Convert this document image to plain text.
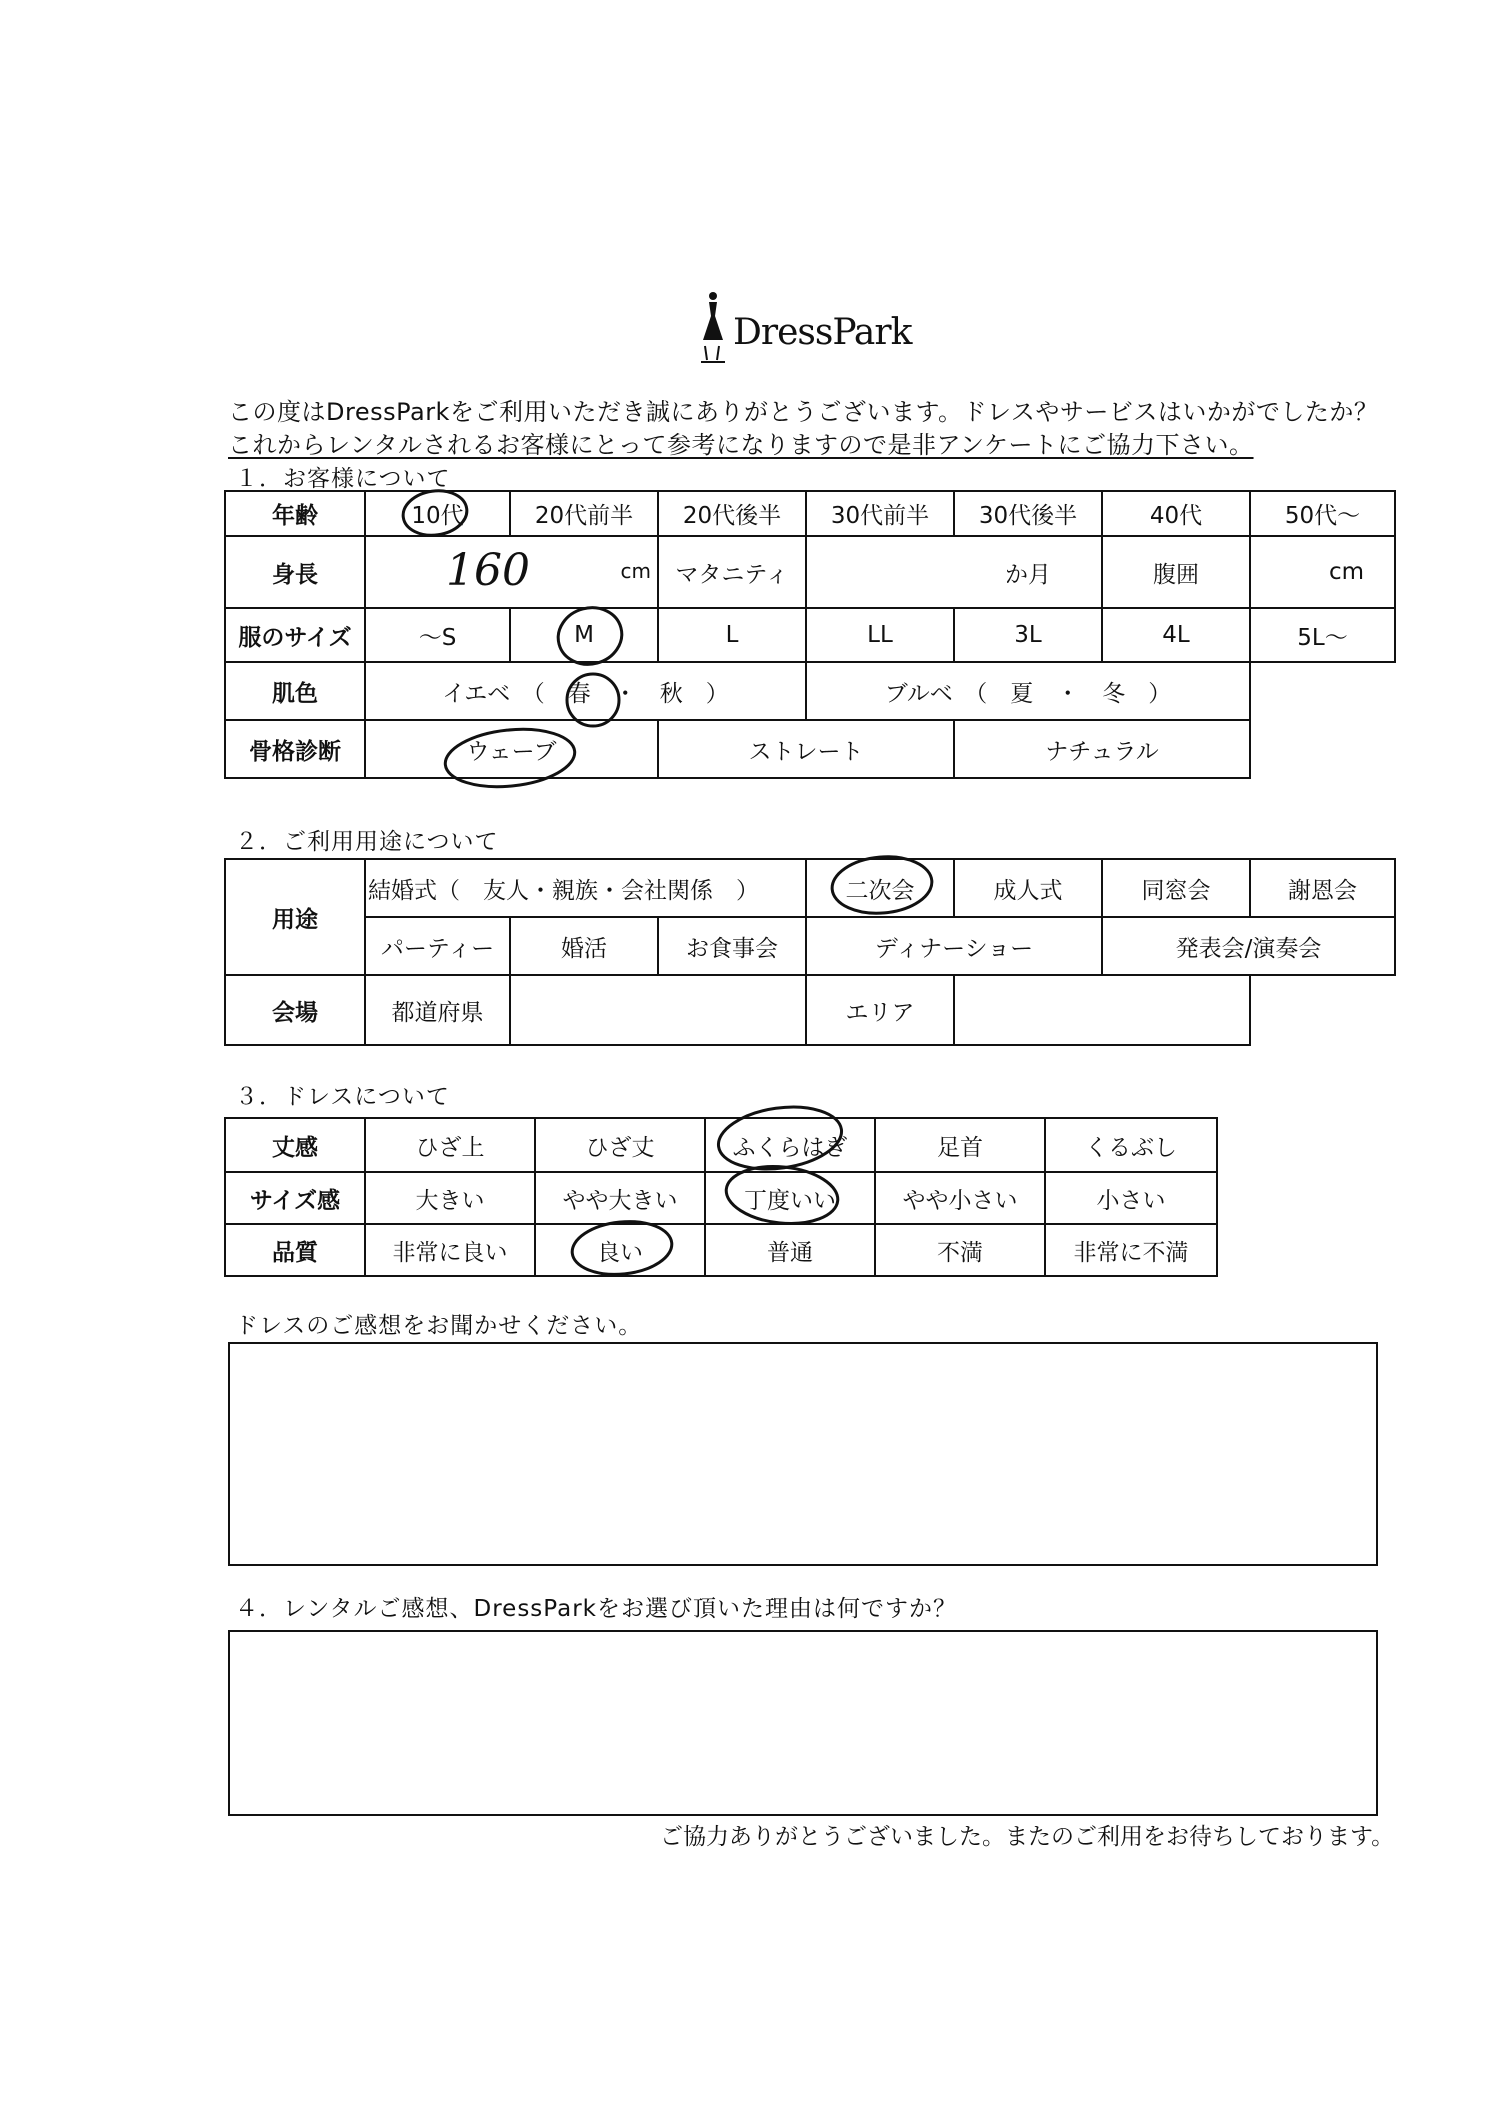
DressPark
この度はDressParkをご利用いただき誠にありがとうございます。ドレスやサービスはいかがでしたか？
これからレンタルされるお客様にとって参考になりますので是非アンケートにご協力下さい。
１．お客様について
年齢	10代	20代前半	20代後半	30代前半	30代後半	40代	50代～
身長	160 cm		マタニティ	か月		腹囲	cm
服のサイズ	～S	M	L	LL	3L	4L	5L～
肌色	イエベ　（　春　・　秋　）			ブルベ　（　夏　・　冬　）			
骨格診断	ウェーブ		ストレート		ナチュラル		
２．ご利用用途について
用途	結婚式（　友人・親族・会社関係　）			二次会	成人式	同窓会	謝恩会
	パーティー	婚活	お食事会	ディナーショー		発表会/演奏会	
会場	都道府県			エリア			
３．ドレスについて
丈感	ひざ上	ひざ丈	ふくらはぎ	足首	くるぶし
サイズ感	大きい	やや大きい	丁度いい	やや小さい	小さい
品質	非常に良い	良い	普通	不満	非常に不満
ドレスのご感想をお聞かせください。
４．レンタルご感想、DressParkをお選び頂いた理由は何ですか？
ご協力ありがとうございました。またのご利用をお待ちしております。
